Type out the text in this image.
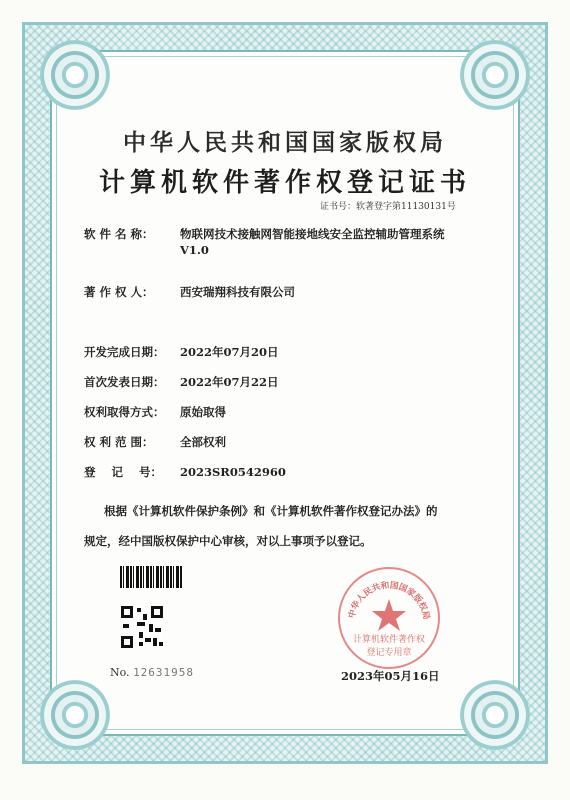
中华人民共和国国家版权局
计算机软件著作权登记证书
证书号：软著登字第11130131号
软 件 名 称：	物联网技术接触网智能接地线安全监控辅助管理系统
V1.0
著 作 权 人： 西安瑞翔科技有限公司
开发完成日期： 2022年07月20日
首次发表日期： 2022年07月22日
权利取得方式： 原始取得
权 利 范 围： 全部权利
登    记    号： 2023SR0542960
根据《计算机软件保护条例》和《计算机软件著作权登记办法》的
规定，经中国版权保护中心审核，对以上事项予以登记。
No. 12631958
中华人民共和国国家版权局
计算机软件著作权
登记专用章
2023年05月16日
